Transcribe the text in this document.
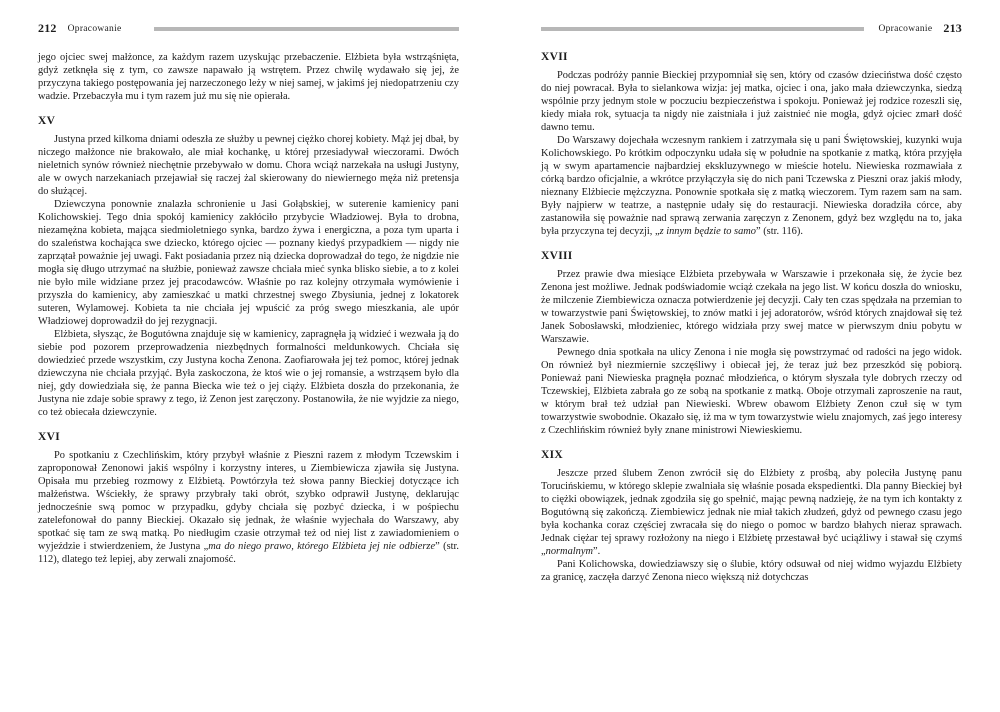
212 Opracowanie

jego ojciec swej małżonce, za każdym razem uzyskując przebaczenie. Elżbieta była wstrząśnięta, gdyż zetknęła się z tym, co zawsze napawało ją wstrętem. Przez chwilę wydawało się jej, że przyczyna takiego postępowania jej narzeczonego leży w niej samej, w jakimś jej niedopatrzeniu czy wadzie. Przebaczyła mu i tym razem już mu się nie opierała.

XV

Justyna przed kilkoma dniami odeszła ze służby u pewnej ciężko chorej kobiety. Mąż jej dbał, by niczego małżonce nie brakowało, ale miał kochankę, u której przesiadywał wieczorami. Dwóch nieletnich synów również niechętnie przebywało w domu. Chora wciąż narzekała na usługi Justyny, ale w owych narzekaniach przejawiał się raczej żal skierowany do niewiernego męża niż pretensja do służącej.

Dziewczyna ponownie znalazła schronienie u Jasi Gołąbskiej, w suterenie kamienicy pani Kolichowskiej. Tego dnia spokój kamienicy zakłóciło przybycie Władziowej. Była to drobna, niezamężna kobieta, mająca siedmioletniego synka, bardzo żywa i energiczna, a poza tym uparta i do szaleństwa kochająca swe dziecko, którego ojciec — poznany kiedyś przypadkiem — nigdy nie zaprzątał poważnie jej uwagi. Fakt posiadania przez nią dziecka doprowadzał do tego, że nigdzie nie mogła się długo utrzymać na służbie, ponieważ zawsze chciała mieć synka blisko siebie, a to z kolei nie było mile widziane przez jej pracodawców. Właśnie po raz kolejny otrzymała wymówienie i przyszła do kamienicy, aby zamieszkać u matki chrzestnej swego Zbysiunia, jednej z lokatorek suteren, Wylamowej. Kobieta ta nie chciała jej wpuścić za próg swego mieszkania, ale upór Władziowej doprowadził do jej rezygnacji.

Elżbieta, słysząc, że Bogutówna znajduje się w kamienicy, zapragnęła ją widzieć i wezwała ją do siebie pod pozorem przeprowadzenia niezbędnych formalności meldunkowych. Chciała się dowiedzieć przede wszystkim, czy Justyna kocha Zenona. Zaofiarowała jej też pomoc, której jednak dziewczyna nie chciała przyjąć. Była zaskoczona, że ktoś wie o jej romansie, a wstrząsem było dla niej, gdy dowiedziała się, że panna Biecka wie też o jej ciąży. Elżbieta doszła do przekonania, że Justyna nie zdaje sobie sprawy z tego, iż Zenon jest zaręczony. Postanowiła, że nie wyjdzie za niego, co też obiecała dziewczynie.

XVI

Po spotkaniu z Czechlińskim, który przybył właśnie z Pieszni razem z młodym Tczewskim i zaproponował Zenonowi jakiś wspólny i korzystny interes, u Ziembiewicza zjawiła się Justyna. Opisała mu przebieg rozmowy z Elżbietą. Powtórzyła też słowa panny Bieckiej dotyczące ich małżeństwa. Wściekły, że sprawy przybrały taki obrót, szybko odprawił Justynę, deklarując jednocześnie swą pomoc w przypadku, gdyby chciała się pozbyć dziecka, i w pośpiechu zatelefonował do panny Bieckiej. Okazało się jednak, że właśnie wyjechała do Warszawy, aby spotkać się tam ze swą matką. Po niedługim czasie otrzymał też od niej list z zawiadomieniem o wyjeździe i stwierdzeniem, że Justyna „ma do niego prawo, którego Elżbieta jej nie odbierze” (str. 112), dlatego też lepiej, aby zerwali znajomość.

Opracowanie 213
XVII

Podczas podróży pannie Bieckiej przypomniał się sen, który od czasów dzieciństwa dość często do niej powracał. Była to sielankowa wizja: jej matka, ojciec i ona, jako mała dziewczynka, siedzą wspólnie przy jednym stole w poczuciu bezpieczeństwa i spokoju. Ponieważ jej rodzice rozeszli się, kiedy miała rok, sytuacja ta nigdy nie zaistniała i już zaistnieć nie mogła, gdyż ojciec zmarł dość dawno temu.

Do Warszawy dojechała wczesnym rankiem i zatrzymała się u pani Świętowskiej, kuzynki wuja Kolichowskiego. Po krótkim odpoczynku udała się w południe na spotkanie z matką, która przyjęła ją w swym apartamencie najbardziej ekskluzywnego w mieście hotelu. Niewieska rozmawiała z córką bardzo oficjalnie, a wkrótce przyłączyła się do nich pani Tczewska z Pieszni oraz jakiś młody, nieznany Elżbiecie mężczyzna. Ponownie spotkała się z matką wieczorem. Tym razem sam na sam. Były najpierw w teatrze, a następnie udały się do restauracji. Niewieska doradziła córce, aby zastanowiła się poważnie nad sprawą zerwania zaręczyn z Zenonem, gdyż bez względu na to, jaka była przyczyna tej decyzji, „z innym będzie to samo” (str. 116).

XVIII

Przez prawie dwa miesiące Elżbieta przebywała w Warszawie i przekonała się, że życie bez Zenona jest możliwe. Jednak podświadomie wciąż czekała na jego list. W końcu doszła do wniosku, że milczenie Ziembiewicza oznacza potwierdzenie jej decyzji. Cały ten czas spędzała na przemian to w towarzystwie pani Świętowskiej, to znów matki i jej adoratorów, wśród których znajdował się też Janek Sobosławski, młodzieniec, którego widziała przy swej matce w pierwszym dniu pobytu w Warszawie.

Pewnego dnia spotkała na ulicy Zenona i nie mogła się powstrzymać od radości na jego widok. On również był niezmiernie szczęśliwy i obiecał jej, że teraz już bez przeszkód się pobiorą. Ponieważ pani Niewieska pragnęła poznać młodzieńca, o którym słyszała tyle dobrych rzeczy od Tczewskiej, Elżbieta zabrała go ze sobą na spotkanie z matką. Oboje otrzymali zaproszenie na raut, w którym brał też udział pan Niewieski. Wbrew obawom Elżbiety Zenon czuł się w tym towarzystwie swobodnie. Okazało się, iż ma w tym towarzystwie wielu znajomych, zaś jego interesy z Czechlińskim również były znane ministrowi Niewieskiemu.

XIX

Jeszcze przed ślubem Zenon zwrócił się do Elżbiety z prośbą, aby poleciła Justynę panu Torucińskiemu, w którego sklepie zwalniała się właśnie posada ekspedientki. Dla panny Bieckiej był to ciężki obowiązek, jednak zgodziła się go spełnić, mając pewną nadzieję, że na tym ich kontakty z Bogutówną się zakończą. Ziembiewicz jednak nie miał takich złudzeń, gdyż od pewnego czasu jego była kochanka coraz częściej zwracała się do niego o pomoc w bardzo błahych nieraz sprawach. Jednak ciężar tej sprawy rozłożony na niego i Elżbietę przestawał być uciążliwy i stawał się czymś „normalnym”.

Pani Kolichowska, dowiedziawszy się o ślubie, który odsuwał od niej widmo wyjazdu Elżbiety za granicę, zaczęła darzyć Zenona nieco większą niż dotychczas
